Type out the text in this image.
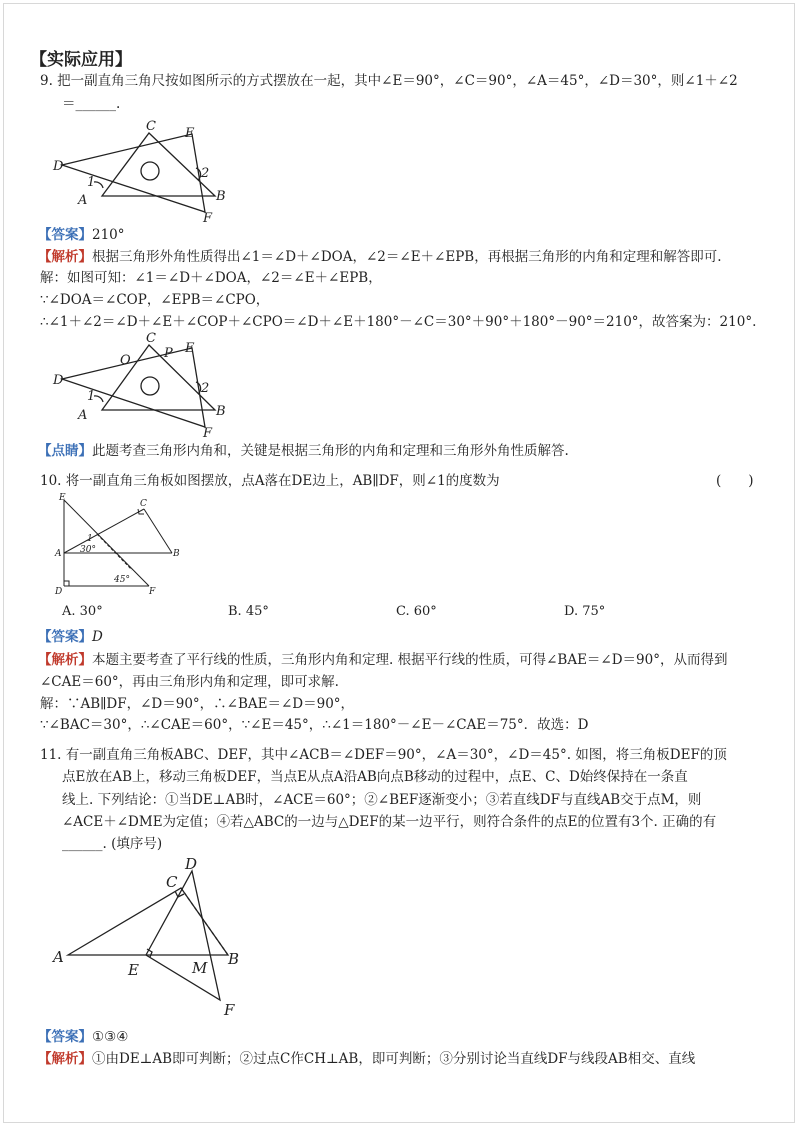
【实际应用】
9. 把一副直角三角尺按如图所示的方式摆放在一起，其中∠E＝90°，∠C＝90°，∠A＝45°，∠D＝30°，则∠1＋∠2
＝______.
C E
D	2
1
A	B
F
【答案】210°
【解析】根据三角形外角性质得出∠1＝∠D＋∠DOA，∠2＝∠E＋∠EPB，再根据三角形的内角和定理和解答即可.
解：如图可知：∠1＝∠D＋∠DOA，∠2＝∠E＋∠EPB，
∵∠DOA＝∠COP，∠EPB＝∠CPO，
∴∠1＋∠2＝∠D＋∠E＋∠COP＋∠CPO＝∠D＋∠E＋180°－∠C＝30°＋90°＋180°－90°＝210°，故答案为：210°.
C
O	P E
D
2
1
A	B
F
【点睛】此题考查三角形内角和，关键是根据三角形的内角和定理和三角形外角性质解答.
10. 将一副直角三角板如图摆放，点A落在DE边上，AB∥DF，则∠1的度数为	(　　)
E
C
1
A 30°	B
D
45°
F
A. 30°	B. 45°	C. 60°	D. 75°
【答案】D
【解析】本题主要考查了平行线的性质，三角形内角和定理. 根据平行线的性质，可得∠BAE＝∠D＝90°，从而得到
∠CAE＝60°，再由三角形内角和定理，即可求解.
解：∵AB∥DF，∠D＝90°，∴∠BAE＝∠D＝90°，
∵∠BAC＝30°，∴∠CAE＝60°，∵∠E＝45°，∴∠1＝180°－∠E－∠CAE＝75°．故选：D
11. 有一副直角三角板ABC、DEF，其中∠ACB＝∠DEF＝90°，∠A＝30°，∠D＝45°. 如图，将三角板DEF的顶
点E放在AB上，移动三角板DEF，当点E从点A沿AB向点B移动的过程中，点E、C、D始终保持在一条直
线上. 下列结论：①当DE⊥AB时，∠ACE＝60°；②∠BEF逐渐变小；③若直线DF与直线AB交于点M，则
∠ACE＋∠DME为定值；④若△ABC的一边与△DEF的某一边平行，则符合条件的点E的位置有3个. 正确的有
______. (填序号)
D
C
A
E	M B
F
【答案】①③④
【解析】①由DE⊥AB即可判断；②过点C作CH⊥AB，即可判断；③分别讨论当直线DF与线段AB相交、直线
